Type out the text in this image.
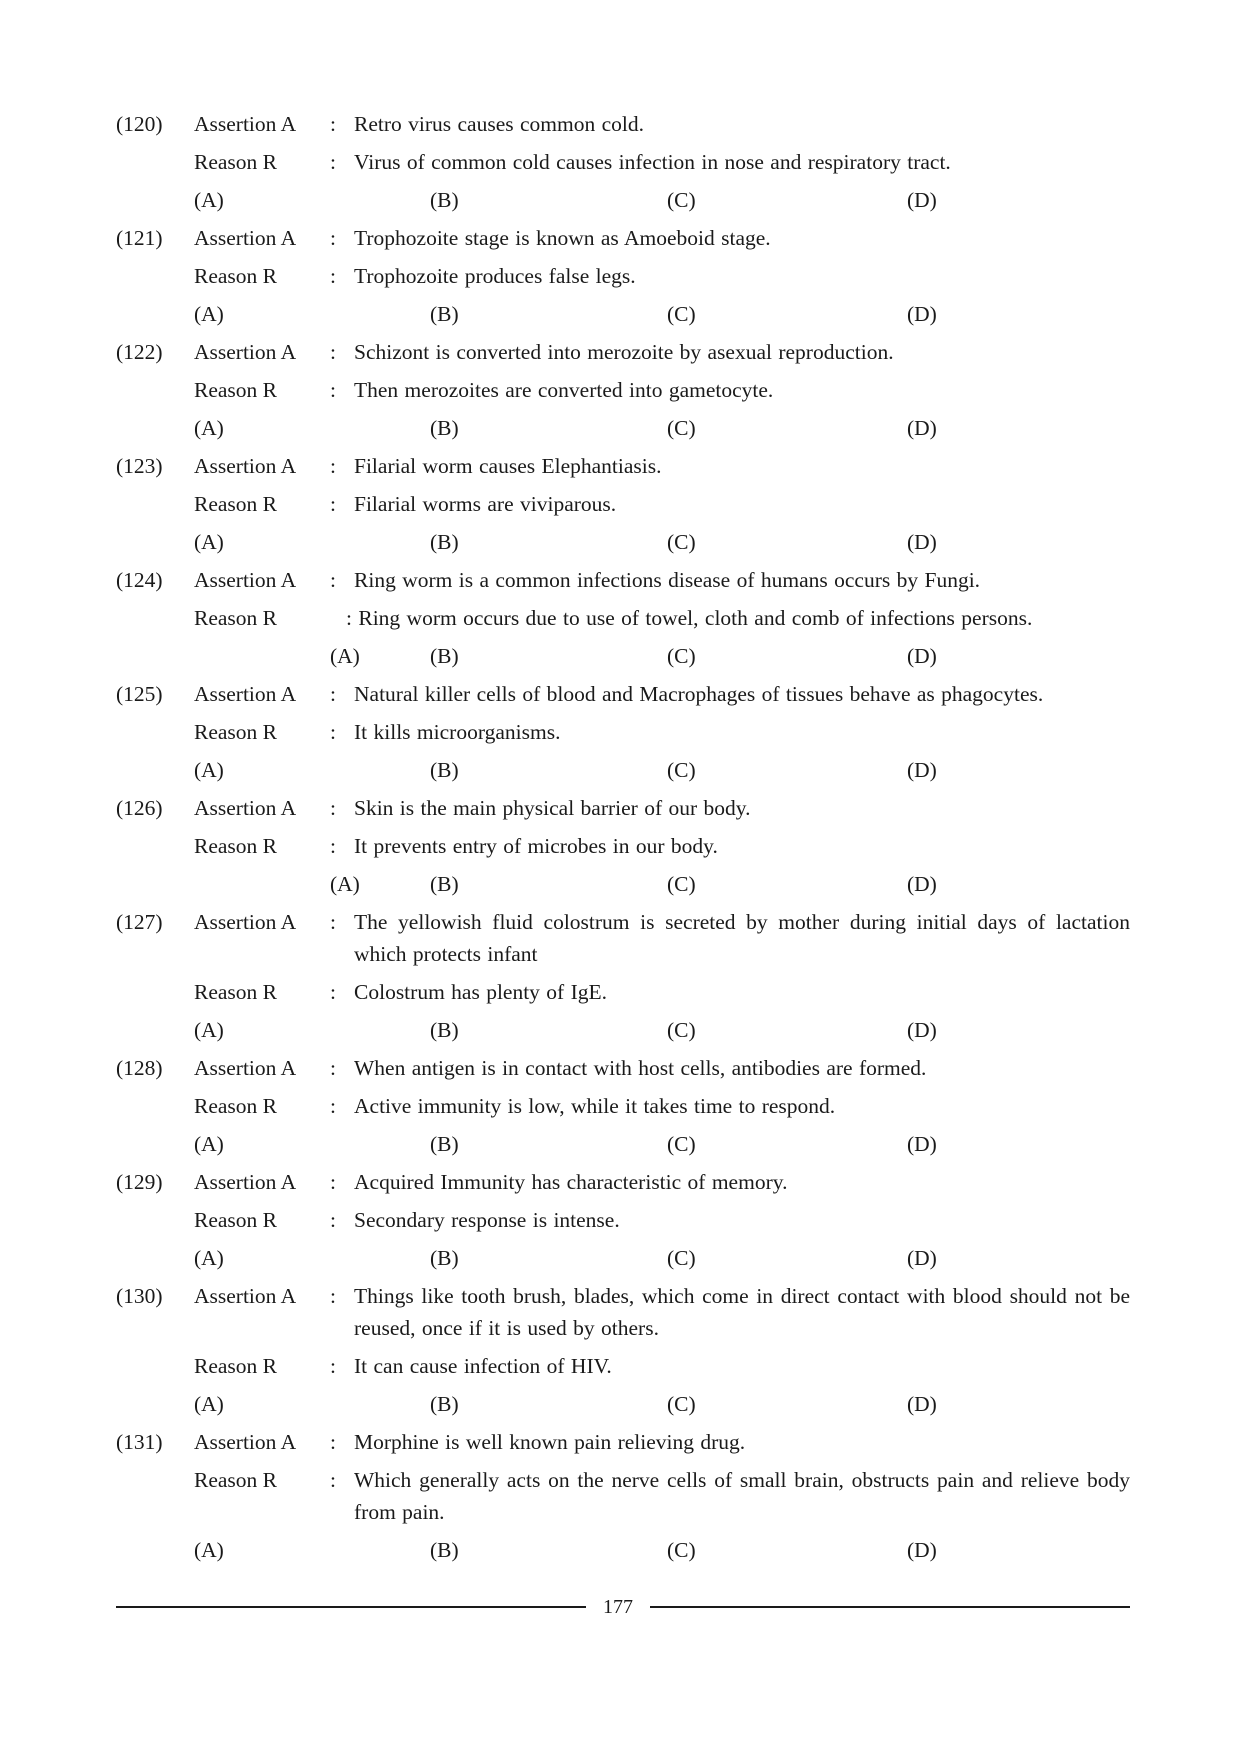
(120) Assertion A : Retro virus causes common cold.
Reason R : Virus of common cold causes infection in nose and respiratory tract.
(A)	(B)	(C)	(D)
(121) Assertion A : Trophozoite stage is known as Amoeboid stage.
Reason R : Trophozoite produces false legs.
(A)	(B)	(C)	(D)
(122) Assertion A : Schizont is converted into merozoite by asexual reproduction.
Reason R : Then merozoites are converted into gametocyte.
(A)	(B)	(C)	(D)
(123) Assertion A : Filarial worm causes Elephantiasis.
Reason R : Filarial worms are viviparous.
(A)	(B)	(C)	(D)
(124) Assertion A : Ring worm is a common infections disease of humans occurs by Fungi.
Reason R	: Ring worm occurs due to use of towel, cloth and comb of infections persons.
(A)	(B)	(C)	(D)
(125) Assertion A : Natural killer cells of blood and Macrophages of tissues behave as phagocytes.
Reason R : It kills microorganisms.
(A)	(B)	(C)	(D)
(126) Assertion A : Skin is the main physical barrier of our body.
Reason R : It prevents entry of microbes in our body.
(A)	(B)	(C)	(D)
(127) Assertion A : The yellowish fluid colostrum is secreted by mother during initial days of lactation which protects infant
Reason R : Colostrum has plenty of IgE.
(A)	(B)	(C)	(D)
(128) Assertion A : When antigen is in contact with host cells, antibodies are formed.
Reason R : Active immunity is low, while it takes time to respond.
(A)	(B)	(C)	(D)
(129) Assertion A : Acquired Immunity has characteristic of memory.
Reason R : Secondary response is intense.
(A)	(B)	(C)	(D)
(130) Assertion A : Things like tooth brush, blades, which come in direct contact with blood should not be reused, once if it is used by others.
Reason R : It can cause infection of HIV.
(A)	(B)	(C)	(D)
(131) Assertion A : Morphine is well known pain relieving drug.
Reason R : Which generally acts on the nerve cells of small brain, obstructs pain and relieve body from pain.
(A)	(B)	(C)	(D)
177
